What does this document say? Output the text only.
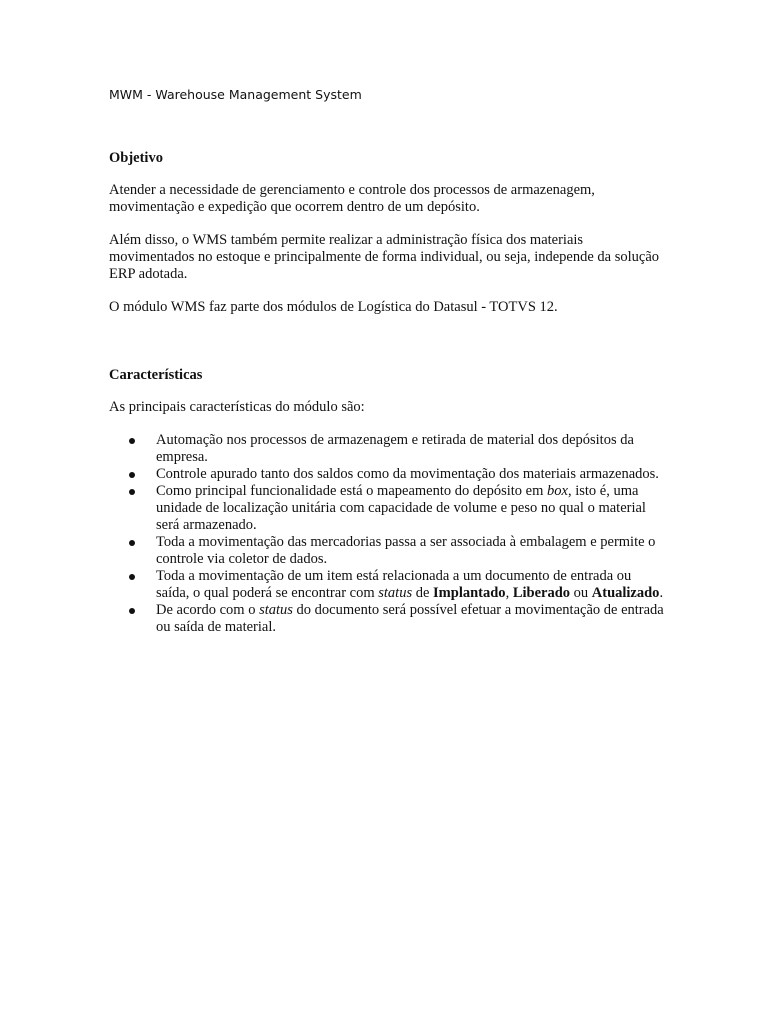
MWM - Warehouse Management System

Objetivo

Atender a necessidade de gerenciamento e controle dos processos de armazenagem, movimentação e expedição que ocorrem dentro de um depósito.

Além disso, o WMS também permite realizar a administração física dos materiais movimentados no estoque e principalmente de forma individual, ou seja, independe da solução ERP adotada.

O módulo WMS faz parte dos módulos de Logística do Datasul - TOTVS 12.

Características

As principais características do módulo são:

Automação nos processos de armazenagem e retirada de material dos depósitos da empresa.
Controle apurado tanto dos saldos como da movimentação dos materiais armazenados.
Como principal funcionalidade está o mapeamento do depósito em box, isto é, uma unidade de localização unitária com capacidade de volume e peso no qual o material será armazenado.
Toda a movimentação das mercadorias passa a ser associada à embalagem e permite o controle via coletor de dados.
Toda a movimentação de um item está relacionada a um documento de entrada ou saída, o qual poderá se encontrar com status de Implantado, Liberado ou Atualizado.
De acordo com o status do documento será possível efetuar a movimentação de entrada ou saída de material.
